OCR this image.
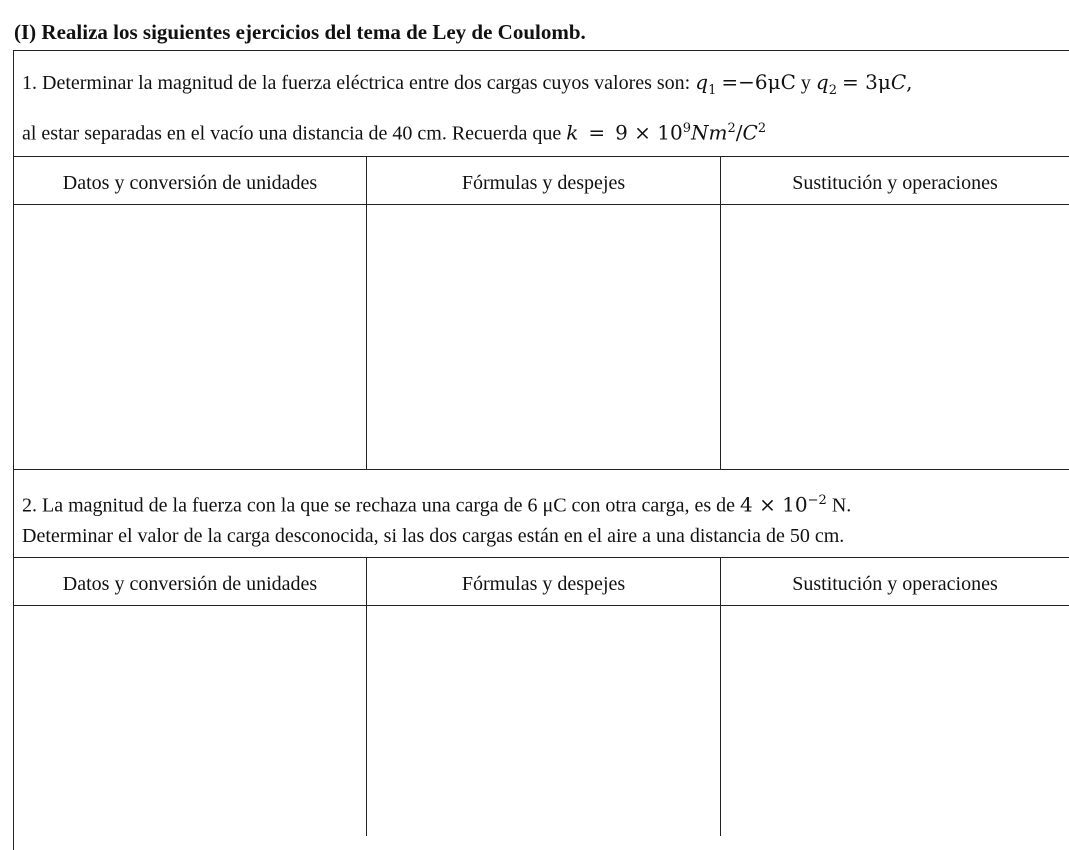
(I) Realiza los siguientes ejercicios del tema de Ley de Coulomb.
1. Determinar la magnitud de la fuerza eléctrica entre dos cargas cuyos valores son: $q_1 =-6\mu C$ y $q_2 = 3\mu C$,
al estar separadas en el vacío una distancia de 40 cm. Recuerda que $k = 9 \times 10^9Nm^2/C^2$
Datos y conversión de unidades	Fórmulas y despejes	Sustitución y operaciones
2. La magnitud de la fuerza con la que se rechaza una carga de 6 μC con otra carga, es de $4 \times 10^{-2}$ N.
Determinar el valor de la carga desconocida, si las dos cargas están en el aire a una distancia de 50 cm.
Datos y conversión de unidades	Fórmulas y despejes	Sustitución y operaciones
